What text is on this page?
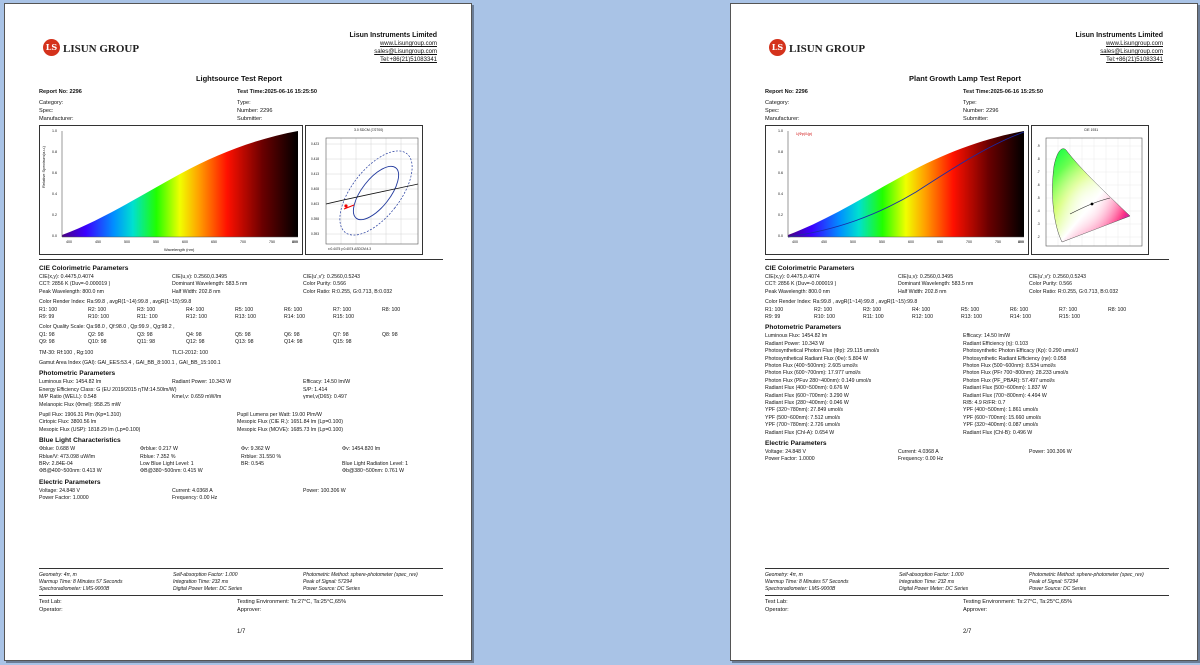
LS LISUN GROUP
Lisun Instruments Limited
www.Lisungroup.com
sales@Lisungroup.com
Tel:+86(21)51083341
Lightsource Test Report
Report No: 2296	Test Time:2025-06-16 15:25:50
Category:	Type:
Spec:	Number: 2296
Manufacturer:	Submitter:
Relative Spectrum(a.u.)
1.0
0.8
0.6
0.4
0.2
0.0
400	450	500	550	600	650	700	750	800
Wavelength (nm)
3.0 SDCM (7/2700)
0.423
0.418
0.413
0.408
0.403
0.398
0.393
x:0.4475 y:0.4074 ΔSDCM:4.3
CIE Colorimetric Parameters
CIE(x,y): 0.4475,0.4074	CIE(u,v): 0.2560,0.3495	CIE(u',v'): 0.2560,0.5243
CCT: 2856 K (Duv=-0.000019 )	Dominant Wavelength: 583.5 nm	Color Purity: 0.566
Peak Wavelength: 800.0 nm	Half Width: 202.8 nm	Color Ratio: R:0.255, G:0.713, B:0.032
Color Render Index: Ra:99.8 , avgR(1~14):99.8 , avgR(1~15):99.8
R1: 100	R2: 100	R3: 100	R4: 100	R5: 100	R6: 100	R7: 100	R8: 100
R9: 99	R10: 100	R11: 100	R12: 100	R13: 100	R14: 100	R15: 100
Color Quality Scale: Qa:98.0 , Qf:98.0 , Qp:99.9 , Qg:98.2 ,
Q1: 98	Q2: 98	Q3: 98	Q4: 98	Q5: 98	Q6: 98	Q7: 98	Q8: 98
Q9: 98	Q10: 98	Q11: 98	Q12: 98	Q13: 98	Q14: 98	Q15: 98
TM-30: Rf:100 , Rg:100	TLCI-2012: 100
Gamut Area Index (GAI): GAI_EES:53.4 , GAI_BB_8:100.1 , GAI_BB_15:100.1
Photometric Parameters
Luminous Flux: 1454.82 lm	Radiant Power: 10.343 W	Efficacy: 14.50 lm/W
Energy Efficiency Class: G (EU 2019/2015 ηTM:14.50lm/W)	S/P: 1.414
M/P Ratio (WELL): 0.548	Kmel,v: 0.659 mW/lm	γmel,v(D65): 0.497
Melanopic Flux (Φmel): 958.25 mW
Pupil Flux: 1906.31 Plm (Kp=1.310)	Pupil Lumens per Watt: 19.00 Plm/W
Cirtopic Flux: 3800.56 lm	Mesopic Flux (CIE R.): 1651.84 lm (Lp=0.100)
Mesopic Flux (USP): 1818.29 lm (Lp=0.100)	Mesopic Flux (MOVE): 1685.73 lm (Lp=0.100)
Blue Light Characteristics
Φblue: 0.688 W	Φrblue: 0.217 W	Φv: 9.362 W	Φv: 1454.820 lm
Rblue/V: 473.098 uW/lm	Rblue: 7.352 %	Rrblue: 31.550 %
BRv: 2.84E-04	Low Blue Light Level: 1	BR: 0.545	Blue Light Radiation Level: 1
ΦB@400~500nm: 0.413 W	ΦB@380~500nm: 0.415 W	Φb@380~500nm: 0.761 W
Electric Parameters
Voltage: 24.848 V	Current: 4.0368 A	Power: 100.306 W
Power Factor: 1.0000	Frequency: 0.00 Hz
Geometry: 4π, m
Warmup Time: 8 Minutes 57 Seconds
Spectroradiometer: LMS-9000B
Self-absorption Factor: 1.000
Integration Time: 232 ms
Digital Power Meter: DC Series
Photometric Method: sphere-photometer (spec_rev)
Peak of Signal: 57294
Power Source: DC Series
Test Lab:
Operator:
Testing Environment: Ts:27°C, Ta:25°C,65%
Approver:
1/7
LS LISUN GROUP
Lisun Instruments Limited
www.Lisungroup.com
sales@Lisungroup.com
Tel:+86(21)51083341
Plant Growth Lamp Test Report
Report No: 2296	Test Time:2025-06-16 15:25:50
Category:	Type:
Spec:	Number: 2296
Manufacturer:	Submitter:
λ(Φp)/λ(p)
1.0
0.8
0.6
0.4
0.2
0.0
400	450	500	550	600	650	700	750	800
CIE 1931
.9
.8
.7
.6
.5
.4
.3
.2
CIE Colorimetric Parameters
CIE(x,y): 0.4475,0.4074	CIE(u,v): 0.2560,0.3495	CIE(u',v'): 0.2560,0.5243
CCT: 2856 K (Duv=-0.000019 )	Dominant Wavelength: 583.5 nm	Color Purity: 0.566
Peak Wavelength: 800.0 nm	Half Width: 202.8 nm	Color Ratio: R:0.255, G:0.713, B:0.032
Color Render Index: Ra:99.8 , avgR(1~14):99.8 , avgR(1~15):99.8
R1: 100	R2: 100	R3: 100	R4: 100	R5: 100	R6: 100	R7: 100	R8: 100
R9: 99	R10: 100	R11: 100	R12: 100	R13: 100	R14: 100	R15: 100
Photometric Parameters
Luminous Flux: 1454.82 lm	Efficacy: 14.50 lm/W
Radiant Power: 10.343 W	Radiant Efficiency (η): 0.103
Photosynthetical Photon Flux (Φp): 29.115 umol/s	Photosynthetic Photon Efficacy (Kp): 0.290 umol/J
Photosynthetical Radiant Flux (Φe): 5.804 W	Photosynthetic Radiant Efficiency (ηe): 0.058
Photon Flux (400~500nm): 2.605 umol/s	Photon Flux (500~600nm): 8.534 umol/s
Photon Flux (600~700nm): 17.977 umol/s	Photon Flux (PFr 700~800nm): 28.233 umol/s
Photon Flux (PFuv 280~400nm): 0.149 umol/s	Photon Flux (PF_PBAR): 57.497 umol/s
Radiant Flux (400~500nm): 0.676 W	Radiant Flux (500~600nm): 1.837 W
Radiant Flux (600~700nm): 3.290 W	Radiant Flux (700~800nm): 4.494 W
Radiant Flux (280~400nm): 0.046 W	R/B: 4.9 R/FR: 0.7
YPF (320~780nm): 27.849 umol/s	YPF (400~500nm): 1.861 umol/s
YPF (500~600nm): 7.512 umol/s	YPF (600~700nm): 15.660 umol/s
YPF (700~780nm): 2.726 umol/s	YPF (320~400nm): 0.087 umol/s
Radiant Flux (Chl-A): 0.654 W	Radiant Flux (Chl-B): 0.496 W
Electric Parameters
Voltage: 24.848 V	Current: 4.0368 A	Power: 100.306 W
Power Factor: 1.0000	Frequency: 0.00 Hz
Geometry: 4π, m
Warmup Time: 8 Minutes 57 Seconds
Spectroradiometer: LMS-9000B
Self-absorption Factor: 1.000
Integration Time: 232 ms
Digital Power Meter: DC Series
Photometric Method: sphere-photometer (spec_rev)
Peak of Signal: 57294
Power Source: DC Series
Test Lab:
Operator:
Testing Environment: Ts:27°C, Ta:25°C,65%
Approver:
2/7
